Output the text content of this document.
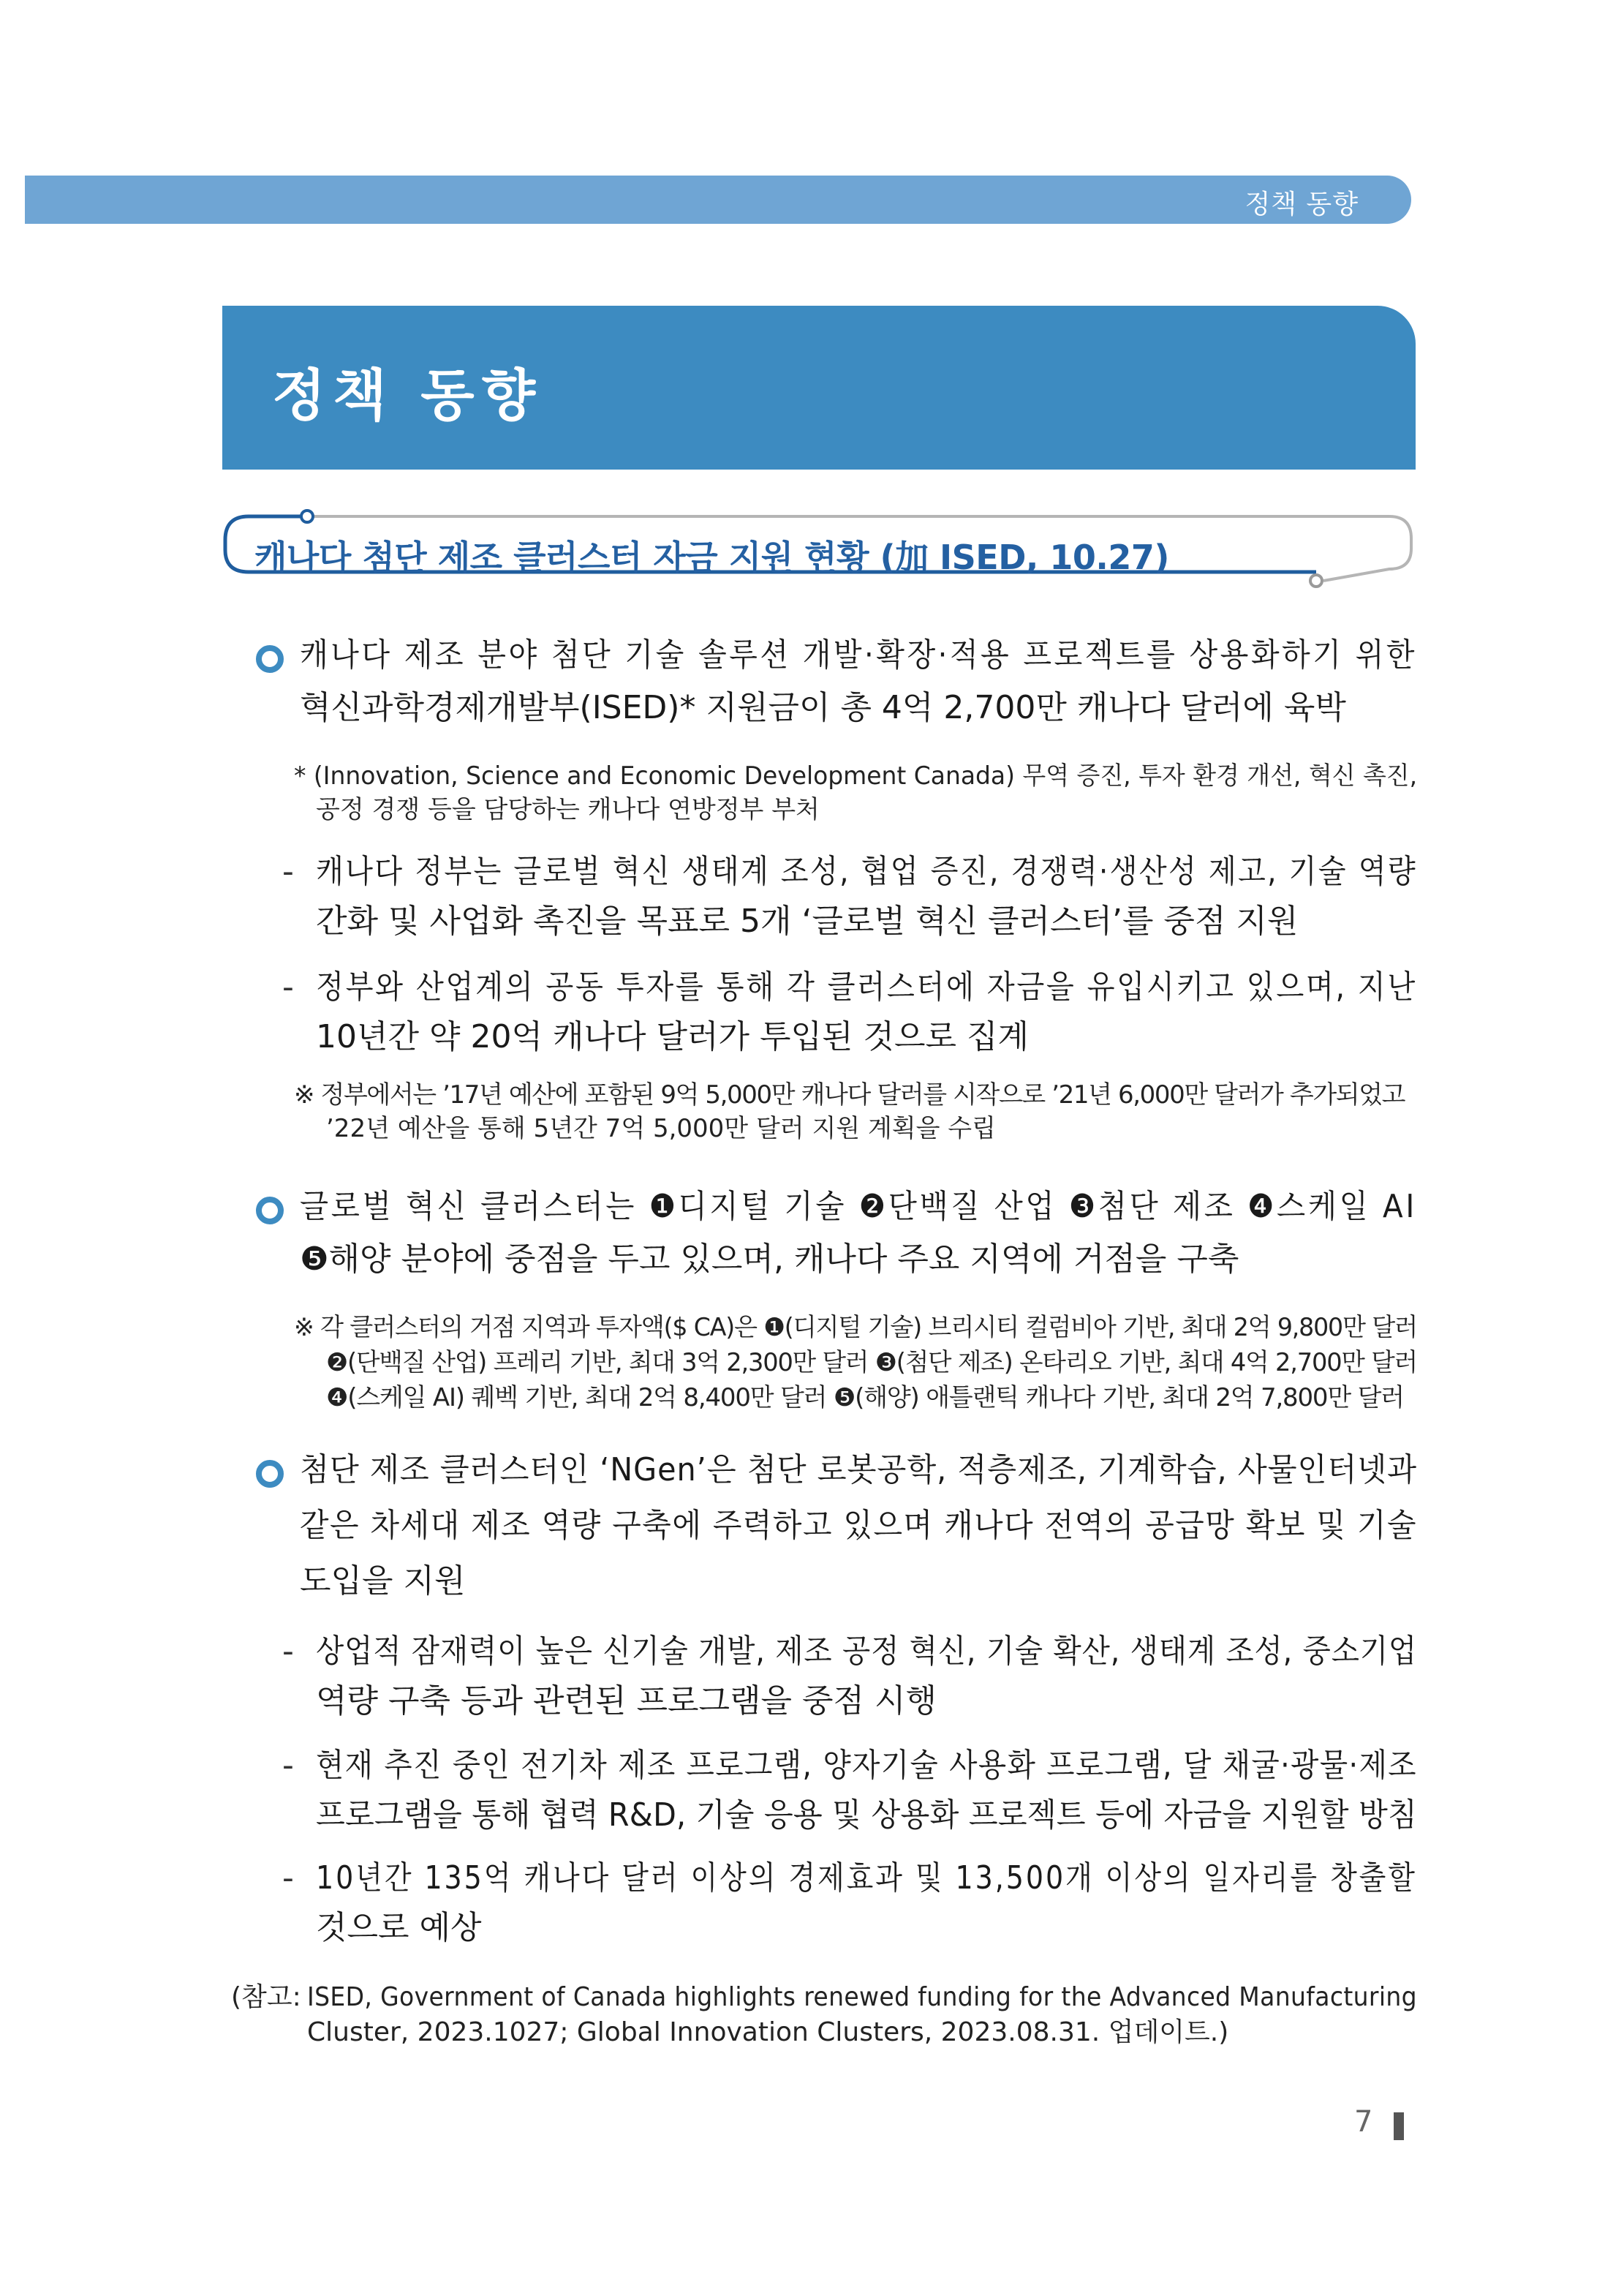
정책 동향
정책 동향
캐나다 첨단 제조 클러스터 자금 지원 현황 (加 ISED, 10.27)
캐나다 제조 분야 첨단 기술 솔루션 개발·확장·적용 프로젝트를 상용화하기 위한
혁신과학경제개발부(ISED)* 지원금이 총 4억 2,700만 캐나다 달러에 육박
* (Innovation, Science and Economic Development Canada) 무역 증진, 투자 환경 개선, 혁신 촉진,
공정 경쟁 등을 담당하는 캐나다 연방정부 부처
- 캐나다 정부는 글로벌 혁신 생태계 조성, 협업 증진, 경쟁력·생산성 제고, 기술 역량
간화 및 사업화 촉진을 목표로 5개 ‘글로벌 혁신 클러스터’를 중점 지원
- 정부와 산업계의 공동 투자를 통해 각 클러스터에 자금을 유입시키고 있으며, 지난
10년간 약 20억 캐나다 달러가 투입된 것으로 집계
※ 정부에서는 ’17년 예산에 포함된 9억 5,000만 캐나다 달러를 시작으로 ’21년 6,000만 달러가 추가되었고
’22년 예산을 통해 5년간 7억 5,000만 달러 지원 계획을 수립
글로벌 혁신 클러스터는 ❶디지털 기술 ❷단백질 산업 ❸첨단 제조 ❹스케일 AI
❺해양 분야에 중점을 두고 있으며, 캐나다 주요 지역에 거점을 구축
※ 각 클러스터의 거점 지역과 투자액($ CA)은 ❶(디지털 기술) 브리시티 컬럼비아 기반, 최대 2억 9,800만 달러
❷(단백질 산업) 프레리 기반, 최대 3억 2,300만 달러 ❸(첨단 제조) 온타리오 기반, 최대 4억 2,700만 달러
❹(스케일 AI) 퀘벡 기반, 최대 2억 8,400만 달러 ❺(해양) 애틀랜틱 캐나다 기반, 최대 2억 7,800만 달러
첨단 제조 클러스터인 ‘NGen’은 첨단 로봇공학, 적층제조, 기계학습, 사물인터넷과
같은 차세대 제조 역량 구축에 주력하고 있으며 캐나다 전역의 공급망 확보 및 기술
도입을 지원
- 상업적 잠재력이 높은 신기술 개발, 제조 공정 혁신, 기술 확산, 생태계 조성, 중소기업
역량 구축 등과 관련된 프로그램을 중점 시행
- 현재 추진 중인 전기차 제조 프로그램, 양자기술 사용화 프로그램, 달 채굴·광물·제조
프로그램을 통해 협력 R&D, 기술 응용 및 상용화 프로젝트 등에 자금을 지원할 방침
- 10년간 135억 캐나다 달러 이상의 경제효과 및 13,500개 이상의 일자리를 창출할
것으로 예상
(참고: ISED, Government of Canada highlights renewed funding for the Advanced Manufacturing
Cluster, 2023.1027; Global Innovation Clusters, 2023.08.31. 업데이트.)
7
